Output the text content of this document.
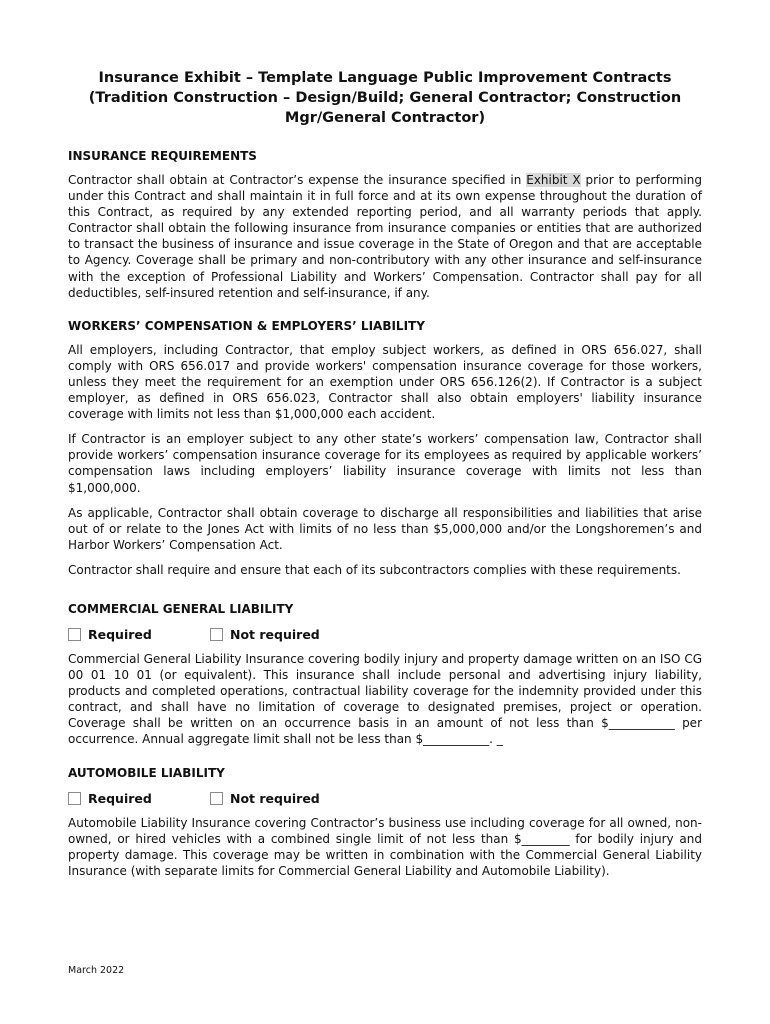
Insurance Exhibit – Template Language Public Improvement Contracts
(Tradition Construction – Design/Build; General Contractor; Construction
Mgr/General Contractor)
INSURANCE REQUIREMENTS
Contractor shall obtain at Contractor’s expense the insurance specified in Exhibit X prior to performing under this Contract and shall maintain it in full force and at its own expense throughout the duration of this Contract, as required by any extended reporting period, and all warranty periods that apply. Contractor shall obtain the following insurance from insurance companies or entities that are authorized to transact the business of insurance and issue coverage in the State of Oregon and that are acceptable to Agency. Coverage shall be primary and non-contributory with any other insurance and self-insurance with the exception of Professional Liability and Workers’ Compensation. Contractor shall pay for all deductibles, self-insured retention and self-insurance, if any.
WORKERS’ COMPENSATION & EMPLOYERS’ LIABILITY
All employers, including Contractor, that employ subject workers, as defined in ORS 656.027, shall comply with ORS 656.017 and provide workers' compensation insurance coverage for those workers, unless they meet the requirement for an exemption under ORS 656.126(2). If Contractor is a subject employer, as defined in ORS 656.023, Contractor shall also obtain employers' liability insurance coverage with limits not less than $1,000,000 each accident.
If Contractor is an employer subject to any other state’s workers’ compensation law, Contractor shall provide workers’ compensation insurance coverage for its employees as required by applicable workers’ compensation laws including employers’ liability insurance coverage with limits not less than $1,000,000.
As applicable, Contractor shall obtain coverage to discharge all responsibilities and liabilities that arise out of or relate to the Jones Act with limits of no less than $5,000,000 and/or the Longshoremen’s and Harbor Workers’ Compensation Act.
Contractor shall require and ensure that each of its subcontractors complies with these requirements.
COMMERCIAL GENERAL LIABILITY
Required	Not required
Commercial General Liability Insurance covering bodily injury and property damage written on an ISO CG 00 01 10 01 (or equivalent). This insurance shall include personal and advertising injury liability, products and completed operations, contractual liability coverage for the indemnity provided under this contract, and shall have no limitation of coverage to designated premises, project or operation. Coverage shall be written on an occurrence basis in an amount of not less than $___________ per occurrence. Annual aggregate limit shall not be less than $___________. _
AUTOMOBILE LIABILITY
Required	Not required
Automobile Liability Insurance covering Contractor’s business use including coverage for all owned, non-owned, or hired vehicles with a combined single limit of not less than $________ for bodily injury and property damage. This coverage may be written in combination with the Commercial General Liability Insurance (with separate limits for Commercial General Liability and Automobile Liability).
March 2022
